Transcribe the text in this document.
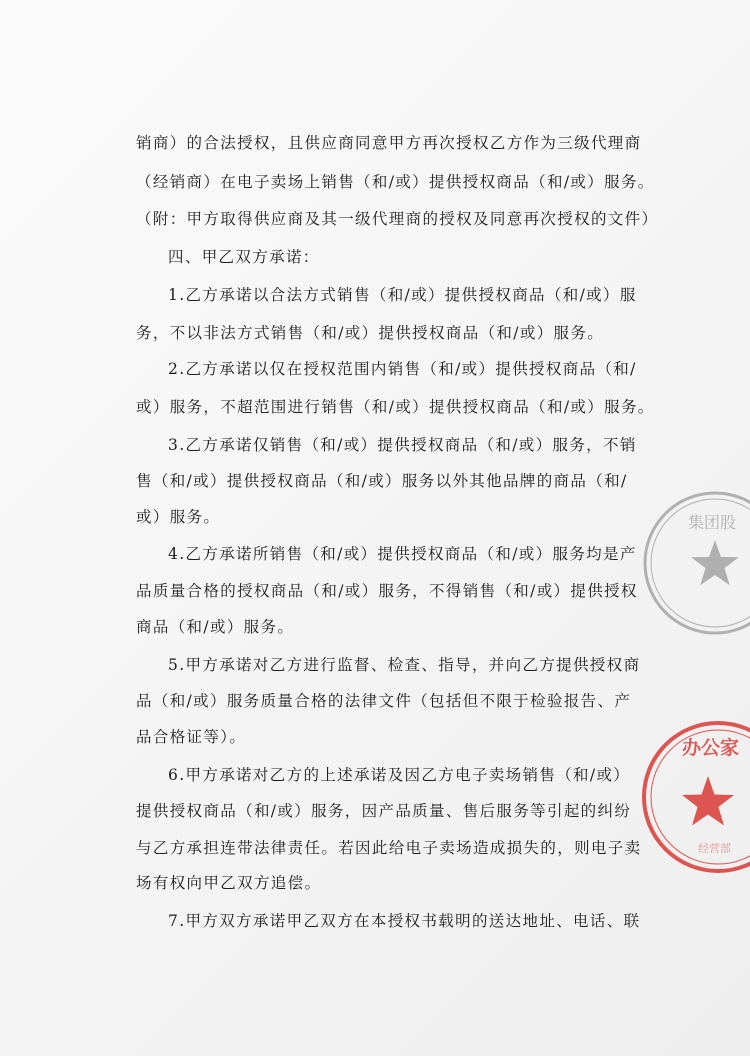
销商）的合法授权，且供应商同意甲方再次授权乙方作为三级代理商
（经销商）在电子卖场上销售（和/或）提供授权商品（和/或）服务。
（附：甲方取得供应商及其一级代理商的授权及同意再次授权的文件）
四、甲乙双方承诺：
1.乙方承诺以合法方式销售（和/或）提供授权商品（和/或）服
务，不以非法方式销售（和/或）提供授权商品（和/或）服务。
2.乙方承诺以仅在授权范围内销售（和/或）提供授权商品（和/
或）服务，不超范围进行销售（和/或）提供授权商品（和/或）服务。
3.乙方承诺仅销售（和/或）提供授权商品（和/或）服务，不销
售（和/或）提供授权商品（和/或）服务以外其他品牌的商品（和/
或）服务。
4.乙方承诺所销售（和/或）提供授权商品（和/或）服务均是产
品质量合格的授权商品（和/或）服务，不得销售（和/或）提供授权
商品（和/或）服务。
5.甲方承诺对乙方进行监督、检查、指导，并向乙方提供授权商
品（和/或）服务质量合格的法律文件（包括但不限于检验报告、产
品合格证等）。
6.甲方承诺对乙方的上述承诺及因乙方电子卖场销售（和/或）
提供授权商品（和/或）服务，因产品质量、售后服务等引起的纠纷
与乙方承担连带法律责任。若因此给电子卖场造成损失的，则电子卖
场有权向甲乙双方追偿。
7.甲方双方承诺甲乙双方在本授权书载明的送达地址、电话、联
集团股
办公家
经营部
